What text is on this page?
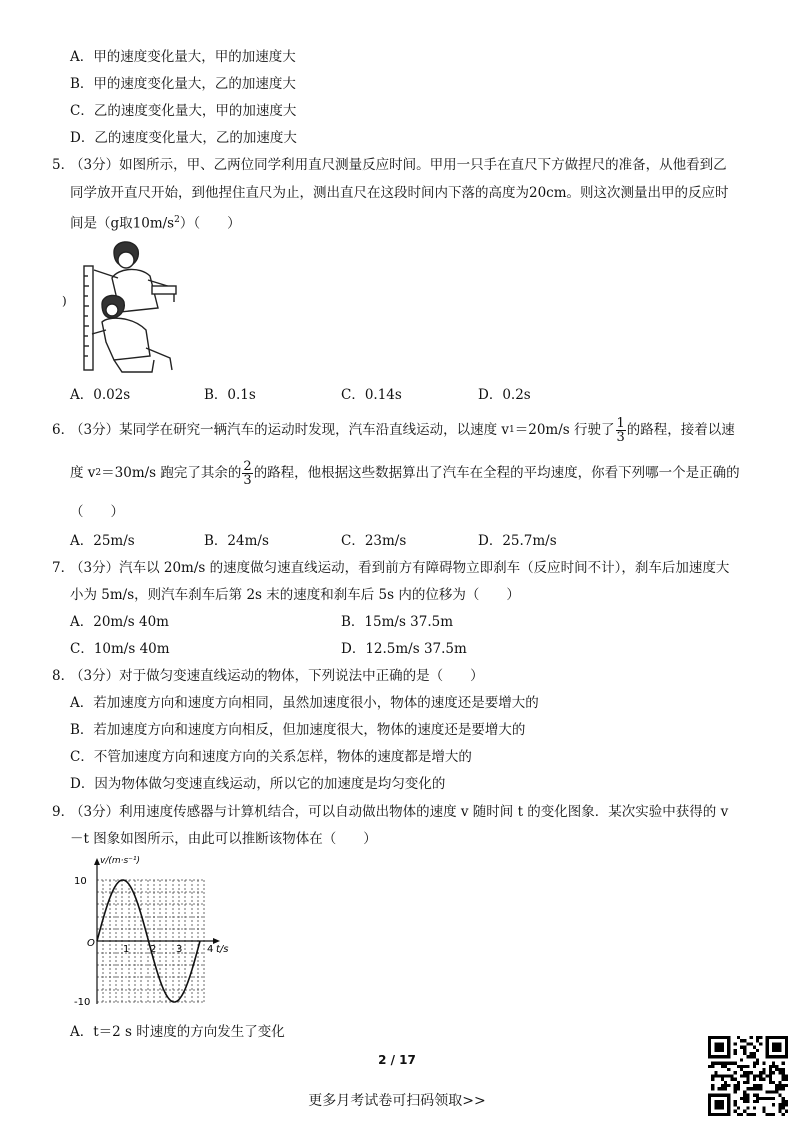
A．甲的速度变化量大，甲的加速度大
B．甲的速度变化量大，乙的加速度大
C．乙的速度变化量大，甲的加速度大
D．乙的速度变化量大，乙的加速度大
5．
（3分）如图所示，甲、乙两位同学利用直尺测量反应时间。甲用一只手在直尺下方做捏尺的准备，从他看到乙
同学放开直尺开始，到他捏住直尺为止，测出直尺在这段时间内下落的高度为20cm。则这次测量出甲的反应时
间是（g取$10m/s^2$）（　　）
)
A．0.02s	B．0.1s	C．0.14s	D．0.2s
6．
（3分）某同学在研究一辆汽车的运动时发现，汽车沿直线运动，以速度 v 1 ＝20m/s 行驶了 $\frac{1}{3}$ 的路程，接着以速
度 v 2 ＝30m/s 跑完了其余的 $\frac{2}{3}$ 的路程，他根据这些数据算出了汽车在全程的平均速度，你看下列哪一个是正确的
（　　）
A．25m/s	B．24m/s	C．23m/s	D．25.7m/s
7．
（3分）汽车以 20m/s 的速度做匀速直线运动，看到前方有障碍物立即刹车（反应时间不计），刹车后加速度大
小为 5m/s，则汽车刹车后第 2s 末的速度和刹车后 5s 内的位移为（　　）
A．20m/s 40m	B．15m/s 37.5m
C．10m/s 40m	D．12.5m/s 37.5m
8．
（3分）对于做匀变速直线运动的物体，下列说法中正确的是（　　）
A．若加速度方向和速度方向相同，虽然加速度很小，物体的速度还是要增大的
B．若加速度方向和速度方向相反，但加速度很大，物体的速度还是要增大的
C．不管加速度方向和速度方向的关系怎样，物体的速度都是增大的
D．因为物体做匀变速直线运动，所以它的加速度是均匀变化的
9．
（3分）利用速度传感器与计算机结合，可以自动做出物体的速度 v 随时间 t 的变化图象．某次实验中获得的 v
－t 图象如图所示，由此可以推断该物体在（　　）
v/(m·s⁻¹)
10
-10
O
1 2 3 4 t/s
A．t＝2 s 时速度的方向发生了变化
2 / 17
更多月考试卷可扫码领取>>
